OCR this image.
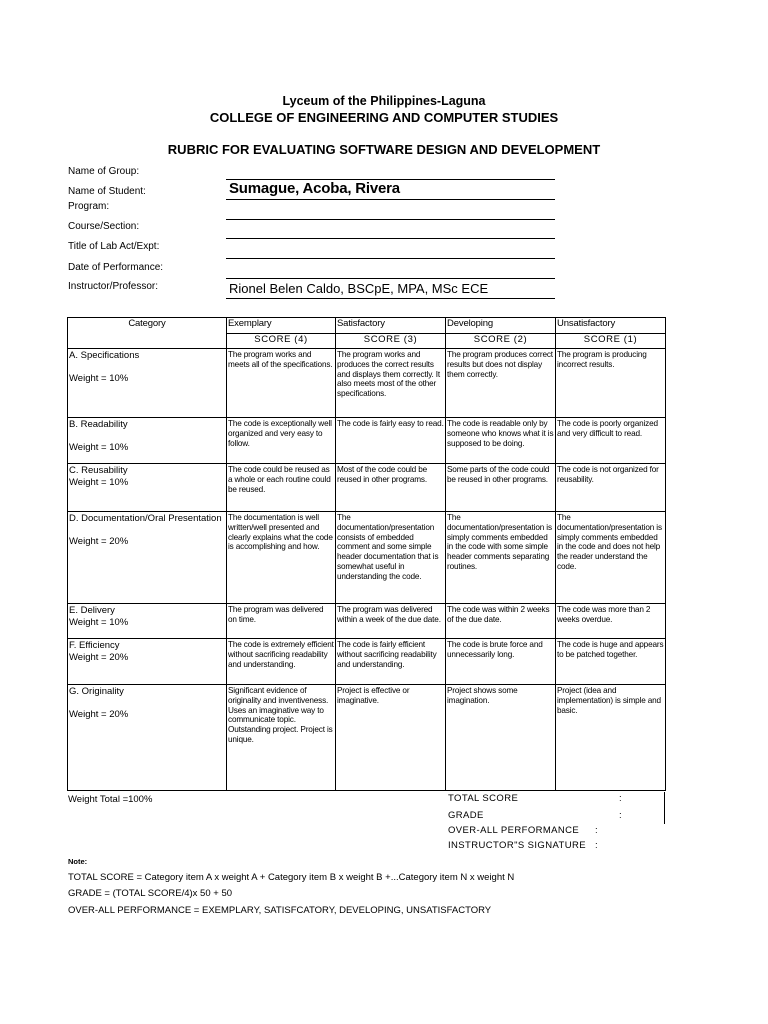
Lyceum of the Philippines-Laguna
COLLEGE OF ENGINEERING AND COMPUTER STUDIES
RUBRIC FOR EVALUATING SOFTWARE DESIGN AND DEVELOPMENT
Name of Group:
Name of Student:	Sumague, Acoba, Rivera
Program:
Course/Section:
Title of Lab Act/Expt:
Date of Performance:
Instructor/Professor:	Rionel Belen Caldo, BSCpE, MPA, MSc ECE
Category	Exemplary	Satisfactory	Developing	Unsatisfactory
	SCORE (4)	SCORE (3)	SCORE (2)	SCORE (1)

A. Specifications
Weight = 10%	The program works and meets all of the specifications.	The program works and produces the correct results and displays them correctly. It also meets most of the other specifications.	The program produces correct results but does not display them correctly.	The program is producing incorrect results.

B. Readability
Weight = 10%	The code is exceptionally well organized and very easy to follow.	The code is fairly easy to read.	The code is readable only by someone who knows what it is supposed to be doing.	The code is poorly organized and very difficult to read.

C. Reusability
Weight = 10%	The code could be reused as a whole or each routine could be reused.	Most of the code could be reused in other programs.	Some parts of the code could be reused in other programs.	The code is not organized for reusability.

D. Documentation/Oral Presentation
Weight = 20%	The documentation is well written/well presented and clearly explains what the code is accomplishing and how.	The documentation/presentation consists of embedded comment and some simple header documentation that is somewhat useful in understanding the code.	The documentation/presentation is simply comments embedded in the code with some simple header comments separating routines.	The documentation/presentation is simply comments embedded in the code and does not help the reader understand the code.

E. Delivery
Weight = 10%	The program was delivered on time.	The program was delivered within a week of the due date.	The code was within 2 weeks of the due date.	The code was more than 2 weeks overdue.

F. Efficiency
Weight = 20%	The code is extremely efficient without sacrificing readability and understanding.	The code is fairly efficient without sacrificing readability and understanding.	The code is brute force and unnecessarily long.	The code is huge and appears to be patched together.

G. Originality
Weight = 20%	Significant evidence of originality and inventiveness. Uses an imaginative way to communicate topic. Outstanding project. Project is unique.	Project is effective or imaginative.	Project shows some imagination.	Project (idea and implementation) is simple and basic.
Weight Total =100%	TOTAL SCORE	:
GRADE	:
OVER-ALL PERFORMANCE :
INSTRUCTOR"S SIGNATURE :
Note:
TOTAL SCORE = Category item A x weight A + Category item B x weight B +...Category item N x weight N
GRADE = (TOTAL SCORE/4)x 50 + 50
OVER-ALL PERFORMANCE = EXEMPLARY, SATISFCATORY, DEVELOPING, UNSATISFACTORY
